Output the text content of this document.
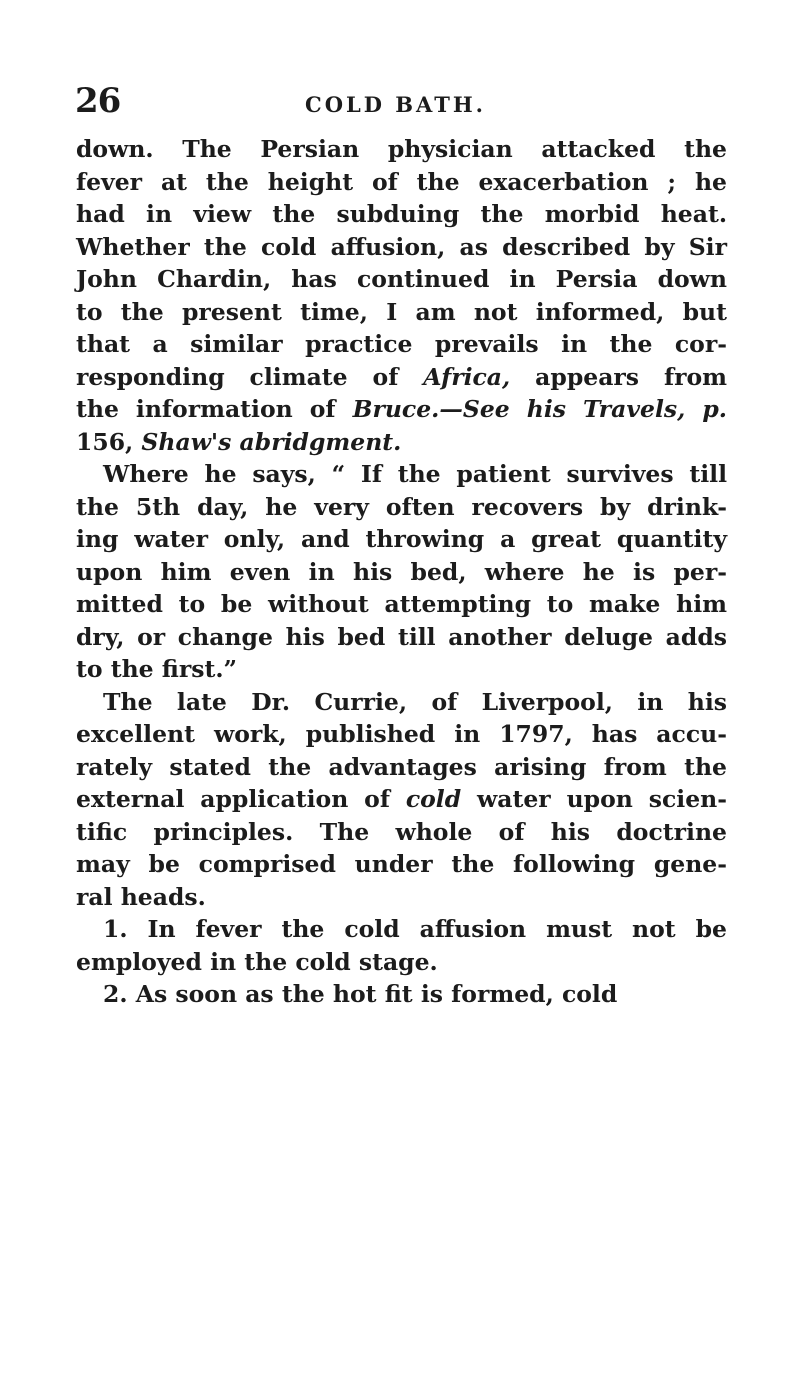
26	COLD BATH.
down. The Persian physician attacked the
fever at the height of the exacerbation ; he
had in view the subduing the morbid heat.
Whether the cold affusion, as described by Sir
John Chardin, has continued in Persia down
to the present time, I am not informed, but
that a similar practice prevails in the cor-
responding climate of Africa, appears from
the information of Bruce.—See his Travels, p.
156, Shaw's abridgment.
Where he says, “ If the patient survives till
the 5th day, he very often recovers by drink-
ing water only, and throwing a great quantity
upon him even in his bed, where he is per-
mitted to be without attempting to make him
dry, or change his bed till another deluge adds
to the first.”
The late Dr. Currie, of Liverpool, in his
excellent work, published in 1797, has accu-
rately stated the advantages arising from the
external application of cold water upon scien-
tific principles. The whole of his doctrine
may be comprised under the following gene-
ral heads.
1. In fever the cold affusion must not be
employed in the cold stage.
2. As soon as the hot fit is formed, cold
